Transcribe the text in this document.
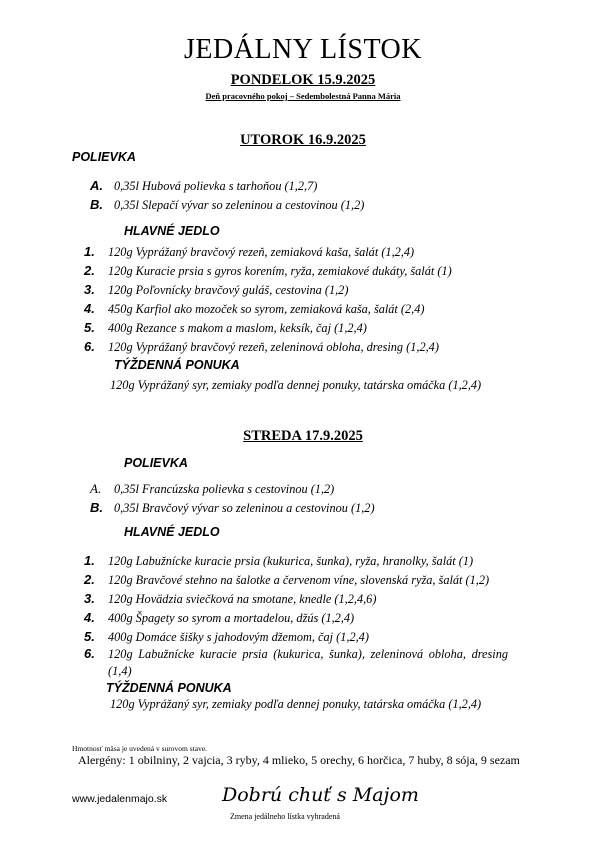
JEDÁLNY LÍSTOK
PONDELOK 15.9.2025
Deň pracovného pokoj – Sedembolestná Panna Mária
UTOROK 16.9.2025
POLIEVKA
A. 0,35l Hubová polievka s tarhoňou (1,2,7)
B. 0,35l Slepačí vývar so zeleninou a cestovinou (1,2)
HLAVNÉ JEDLO
1. 120g Vyprážaný bravčový rezeň, zemiaková kaša, šalát (1,2,4)
2. 120g Kuracie prsia s gyros korením, ryža, zemiakové dukáty, šalát (1)
3. 120g Poľovnícky bravčový guláš, cestovina (1,2)
4. 450g Karfiol ako mozoček so syrom, zemiaková kaša, šalát (2,4)
5. 400g Rezance s makom a maslom, keksík, čaj (1,2,4)
6. 120g Vyprážaný bravčový rezeň, zeleninová obloha, dresing (1,2,4)
TÝŽDENNÁ PONUKA
120g Vyprážaný syr, zemiaky podľa dennej ponuky, tatárska omáčka (1,2,4)
STREDA 17.9.2025
POLIEVKA
A. 0,35l Francúzska polievka s cestovinou (1,2)
B. 0,35l Bravčový vývar so zeleninou a cestovinou (1,2)
HLAVNÉ JEDLO
1. 120g Labužnícke kuracie prsia (kukurica, šunka), ryža, hranolky, šalát (1)
2. 120g Bravčové stehno na šalotke a červenom víne, slovenská ryža, šalát (1,2)
3. 120g Hovädzia sviečková na smotane, knedle (1,2,4,6)
4. 400g Špagety so syrom a mortadelou, džús (1,2,4)
5. 400g Domáce šišky s jahodovým džemom, čaj (1,2,4)
6. 120g Labužnícke kuracie prsia (kukurica, šunka), zeleninová obloha, dresing (1,4)
TÝŽDENNÁ PONUKA
120g Vyprážaný syr, zemiaky podľa dennej ponuky, tatárska omáčka (1,2,4)
Hmotnosť mäsa je uvedená v surovom stave.
Alergény: 1 obilniny, 2 vajcia, 3 ryby, 4 mlieko, 5 orechy, 6 horčica, 7 huby, 8 sója, 9 sezam
www.jedalenmajo.sk	Dobrú chuť s Majom
Zmena jedálneho lístka vyhradená
